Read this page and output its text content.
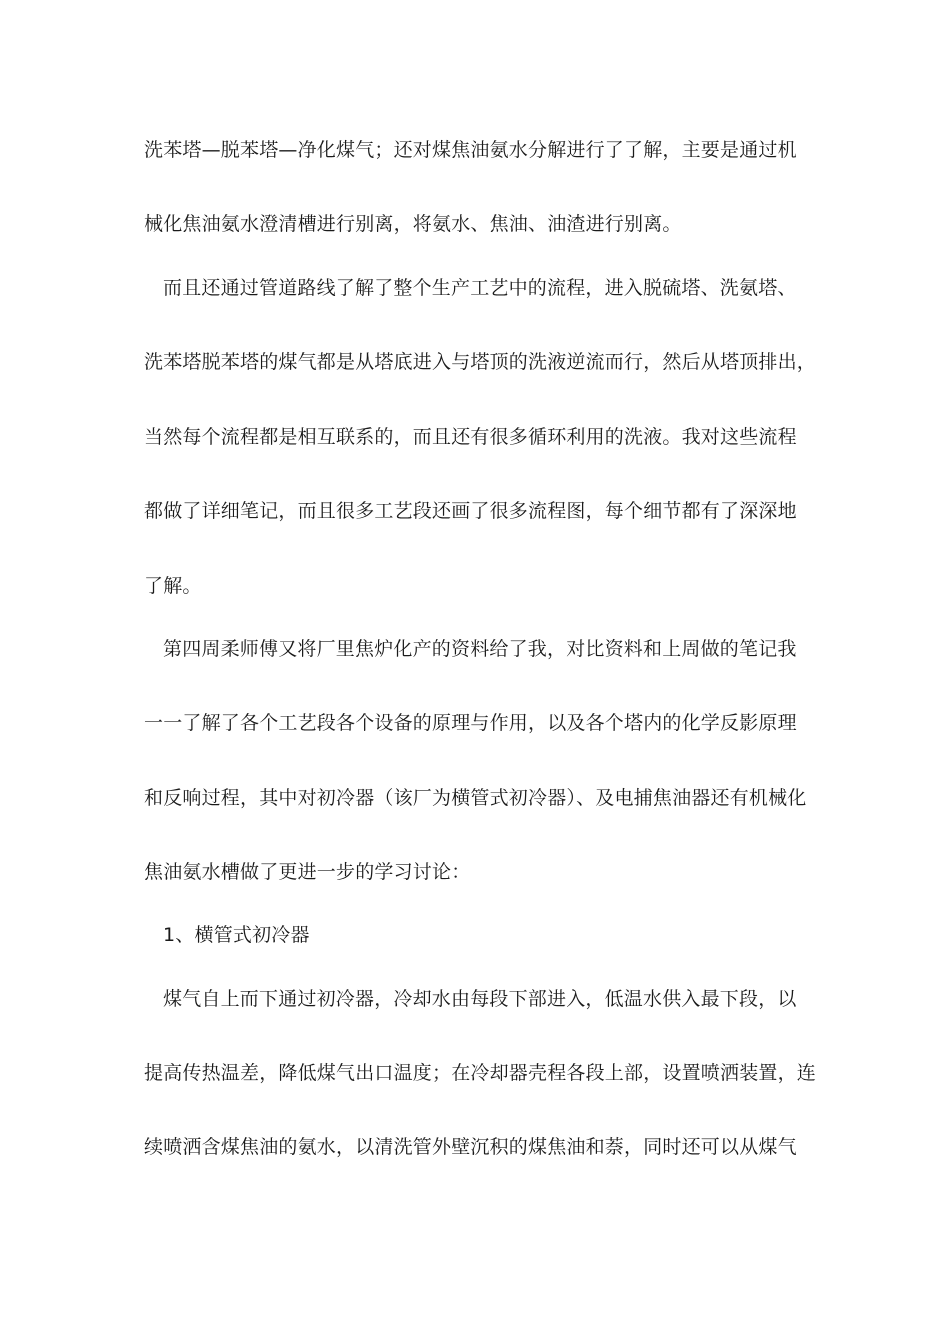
洗苯塔—脱苯塔—净化煤气；还对煤焦油氨水分解进行了了解，主要是通过机
械化焦油氨水澄清槽进行别离，将氨水、焦油、油渣进行别离。
而且还通过管道路线了解了整个生产工艺中的流程，进入脱硫塔、洗氨塔、
洗苯塔脱苯塔的煤气都是从塔底进入与塔顶的洗液逆流而行，然后从塔顶排出，
当然每个流程都是相互联系的，而且还有很多循环利用的洗液。我对这些流程
都做了详细笔记，而且很多工艺段还画了很多流程图，每个细节都有了深深地
了解。
第四周柔师傅又将厂里焦炉化产的资料给了我，对比资料和上周做的笔记我
一一了解了各个工艺段各个设备的原理与作用，以及各个塔内的化学反影原理
和反响过程，其中对初冷器（该厂为横管式初冷器）、及电捕焦油器还有机械化
焦油氨水槽做了更进一步的学习讨论：
1、横管式初冷器
煤气自上而下通过初冷器，冷却水由每段下部进入，低温水供入最下段，以
提高传热温差，降低煤气出口温度；在冷却器壳程各段上部，设置喷洒装置，连
续喷洒含煤焦油的氨水，以清洗管外壁沉积的煤焦油和萘，同时还可以从煤气
